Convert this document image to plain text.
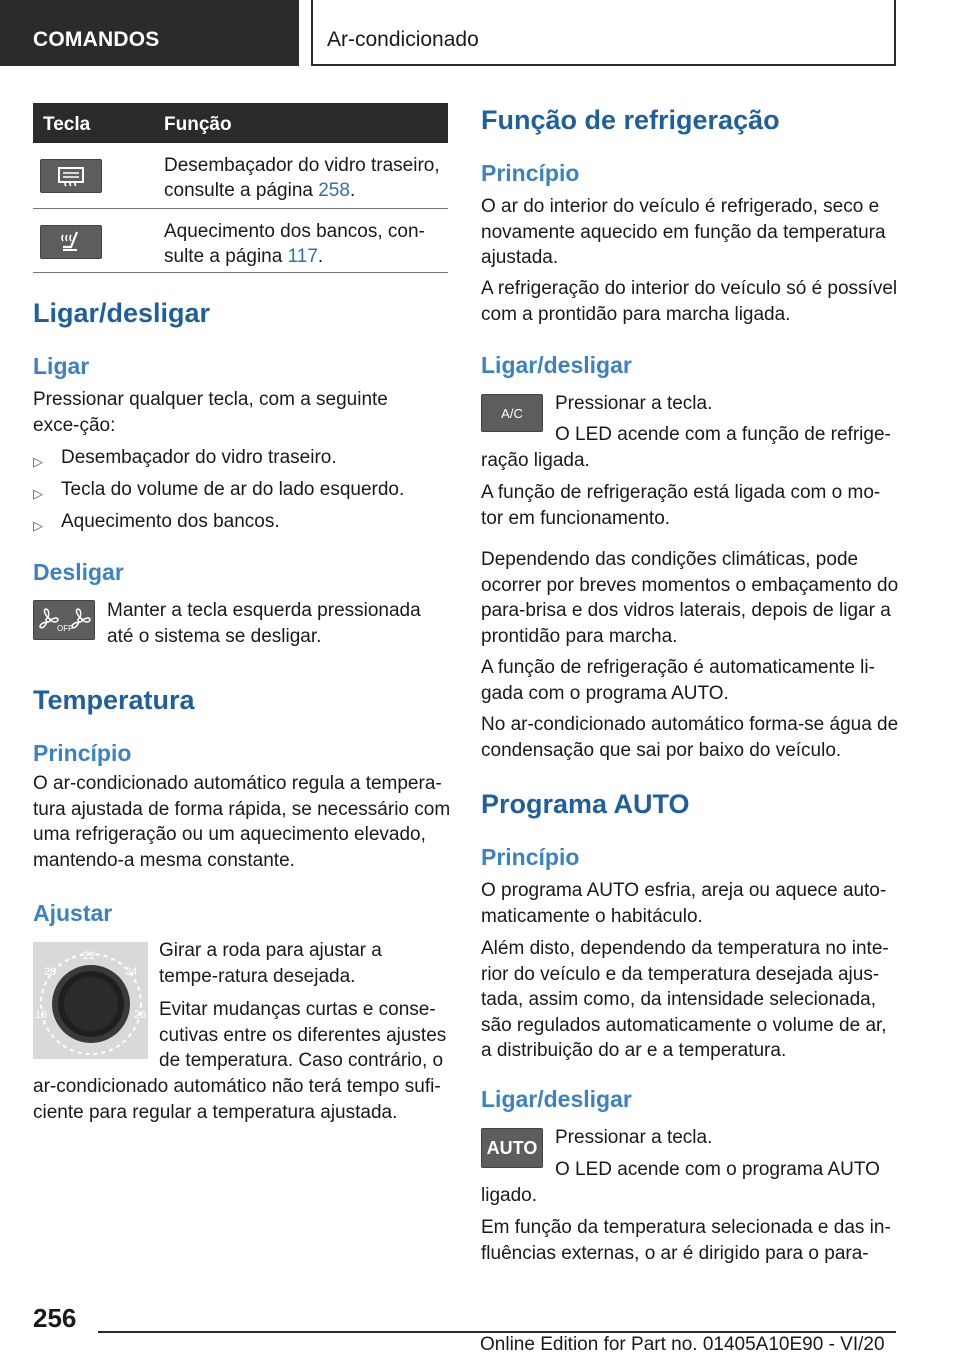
COMANDOS	Ar-condicionado
Tecla	Função
Desembaçador do vidro traseiro, consulte a página 258.
Aquecimento dos bancos, con-sulte a página 117.
Ligar/desligar
Ligar
Pressionar qualquer tecla, com a seguinte exce-ção:
▷ Desembaçador do vidro traseiro.
▷ Tecla do volume de ar do lado esquerdo.
▷ Aquecimento dos bancos.
Desligar
OFF
Manter a tecla esquerda pressionada até o sistema se desligar.
Temperatura
Princípio
O ar-condicionado automático regula a tempera-tura ajustada de forma rápida, se necessário com uma refrigeração ou um aquecimento elevado, mantendo-a mesma constante.
Ajustar
22
20	24
18	26
Girar a roda para ajustar a tempe-ratura desejada.
Evitar mudanças curtas e conse-cutivas entre os diferentes ajustes de temperatura. Caso contrário, o
ar-condicionado automático não terá tempo sufi-ciente para regular a temperatura ajustada.
Função de refrigeração
Princípio
O ar do interior do veículo é refrigerado, seco e novamente aquecido em função da temperatura ajustada.
A refrigeração do interior do veículo só é possível com a prontidão para marcha ligada.
Ligar/desligar
A/C Pressionar a tecla.
O LED acende com a função de refrige-
ração ligada.
A função de refrigeração está ligada com o mo-tor em funcionamento.
Dependendo das condições climáticas, pode ocorrer por breves momentos o embaçamento do para-brisa e dos vidros laterais, depois de ligar a prontidão para marcha.
A função de refrigeração é automaticamente li-gada com o programa AUTO.
No ar-condicionado automático forma-se água de condensação que sai por baixo do veículo.
Programa AUTO
Princípio
O programa AUTO esfria, areja ou aquece auto-maticamente o habitáculo.
Além disto, dependendo da temperatura no inte-rior do veículo e da temperatura desejada ajus-tada, assim como, da intensidade selecionada, são regulados automaticamente o volume de ar, a distribuição do ar e a temperatura.
Ligar/desligar
AUTO Pressionar a tecla.
O LED acende com o programa AUTO
ligado.
Em função da temperatura selecionada e das in-fluências externas, o ar é dirigido para o para-
256
Online Edition for Part no. 01405A10E90 - VI/20
